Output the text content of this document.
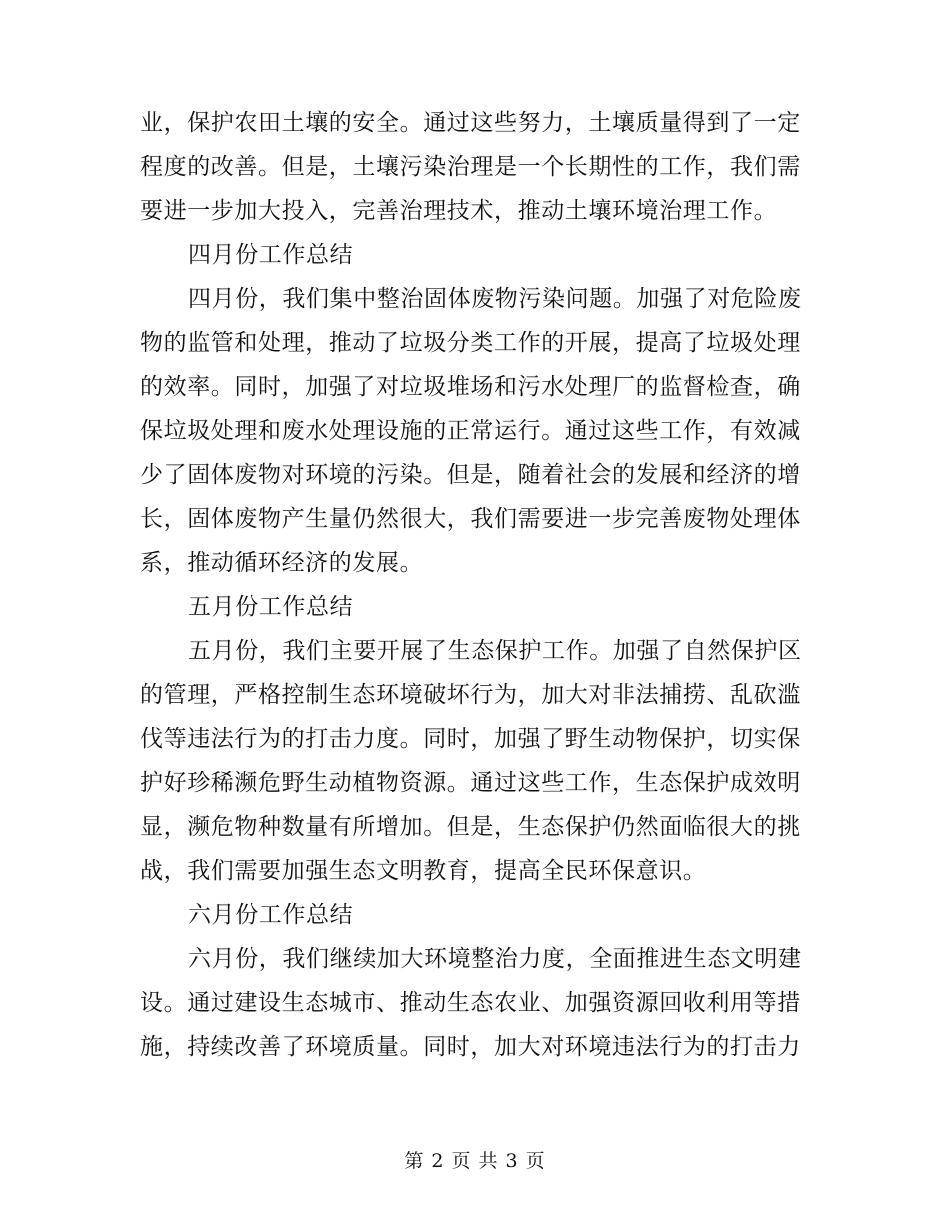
业，保护农田土壤的安全。通过这些努力，土壤质量得到了一定
程度的改善。但是，土壤污染治理是一个长期性的工作，我们需
要进一步加大投入，完善治理技术，推动土壤环境治理工作。
四月份工作总结
四月份，我们集中整治固体废物污染问题。加强了对危险废
物的监管和处理，推动了垃圾分类工作的开展，提高了垃圾处理
的效率。同时，加强了对垃圾堆场和污水处理厂的监督检查，确
保垃圾处理和废水处理设施的正常运行。通过这些工作，有效减
少了固体废物对环境的污染。但是，随着社会的发展和经济的增
长，固体废物产生量仍然很大，我们需要进一步完善废物处理体
系，推动循环经济的发展。
五月份工作总结
五月份，我们主要开展了生态保护工作。加强了自然保护区
的管理，严格控制生态环境破坏行为，加大对非法捕捞、乱砍滥
伐等违法行为的打击力度。同时，加强了野生动物保护，切实保
护好珍稀濒危野生动植物资源。通过这些工作，生态保护成效明
显，濒危物种数量有所增加。但是，生态保护仍然面临很大的挑
战，我们需要加强生态文明教育，提高全民环保意识。
六月份工作总结
六月份，我们继续加大环境整治力度，全面推进生态文明建
设。通过建设生态城市、推动生态农业、加强资源回收利用等措
施，持续改善了环境质量。同时，加大对环境违法行为的打击力
第 2 页 共 3 页
